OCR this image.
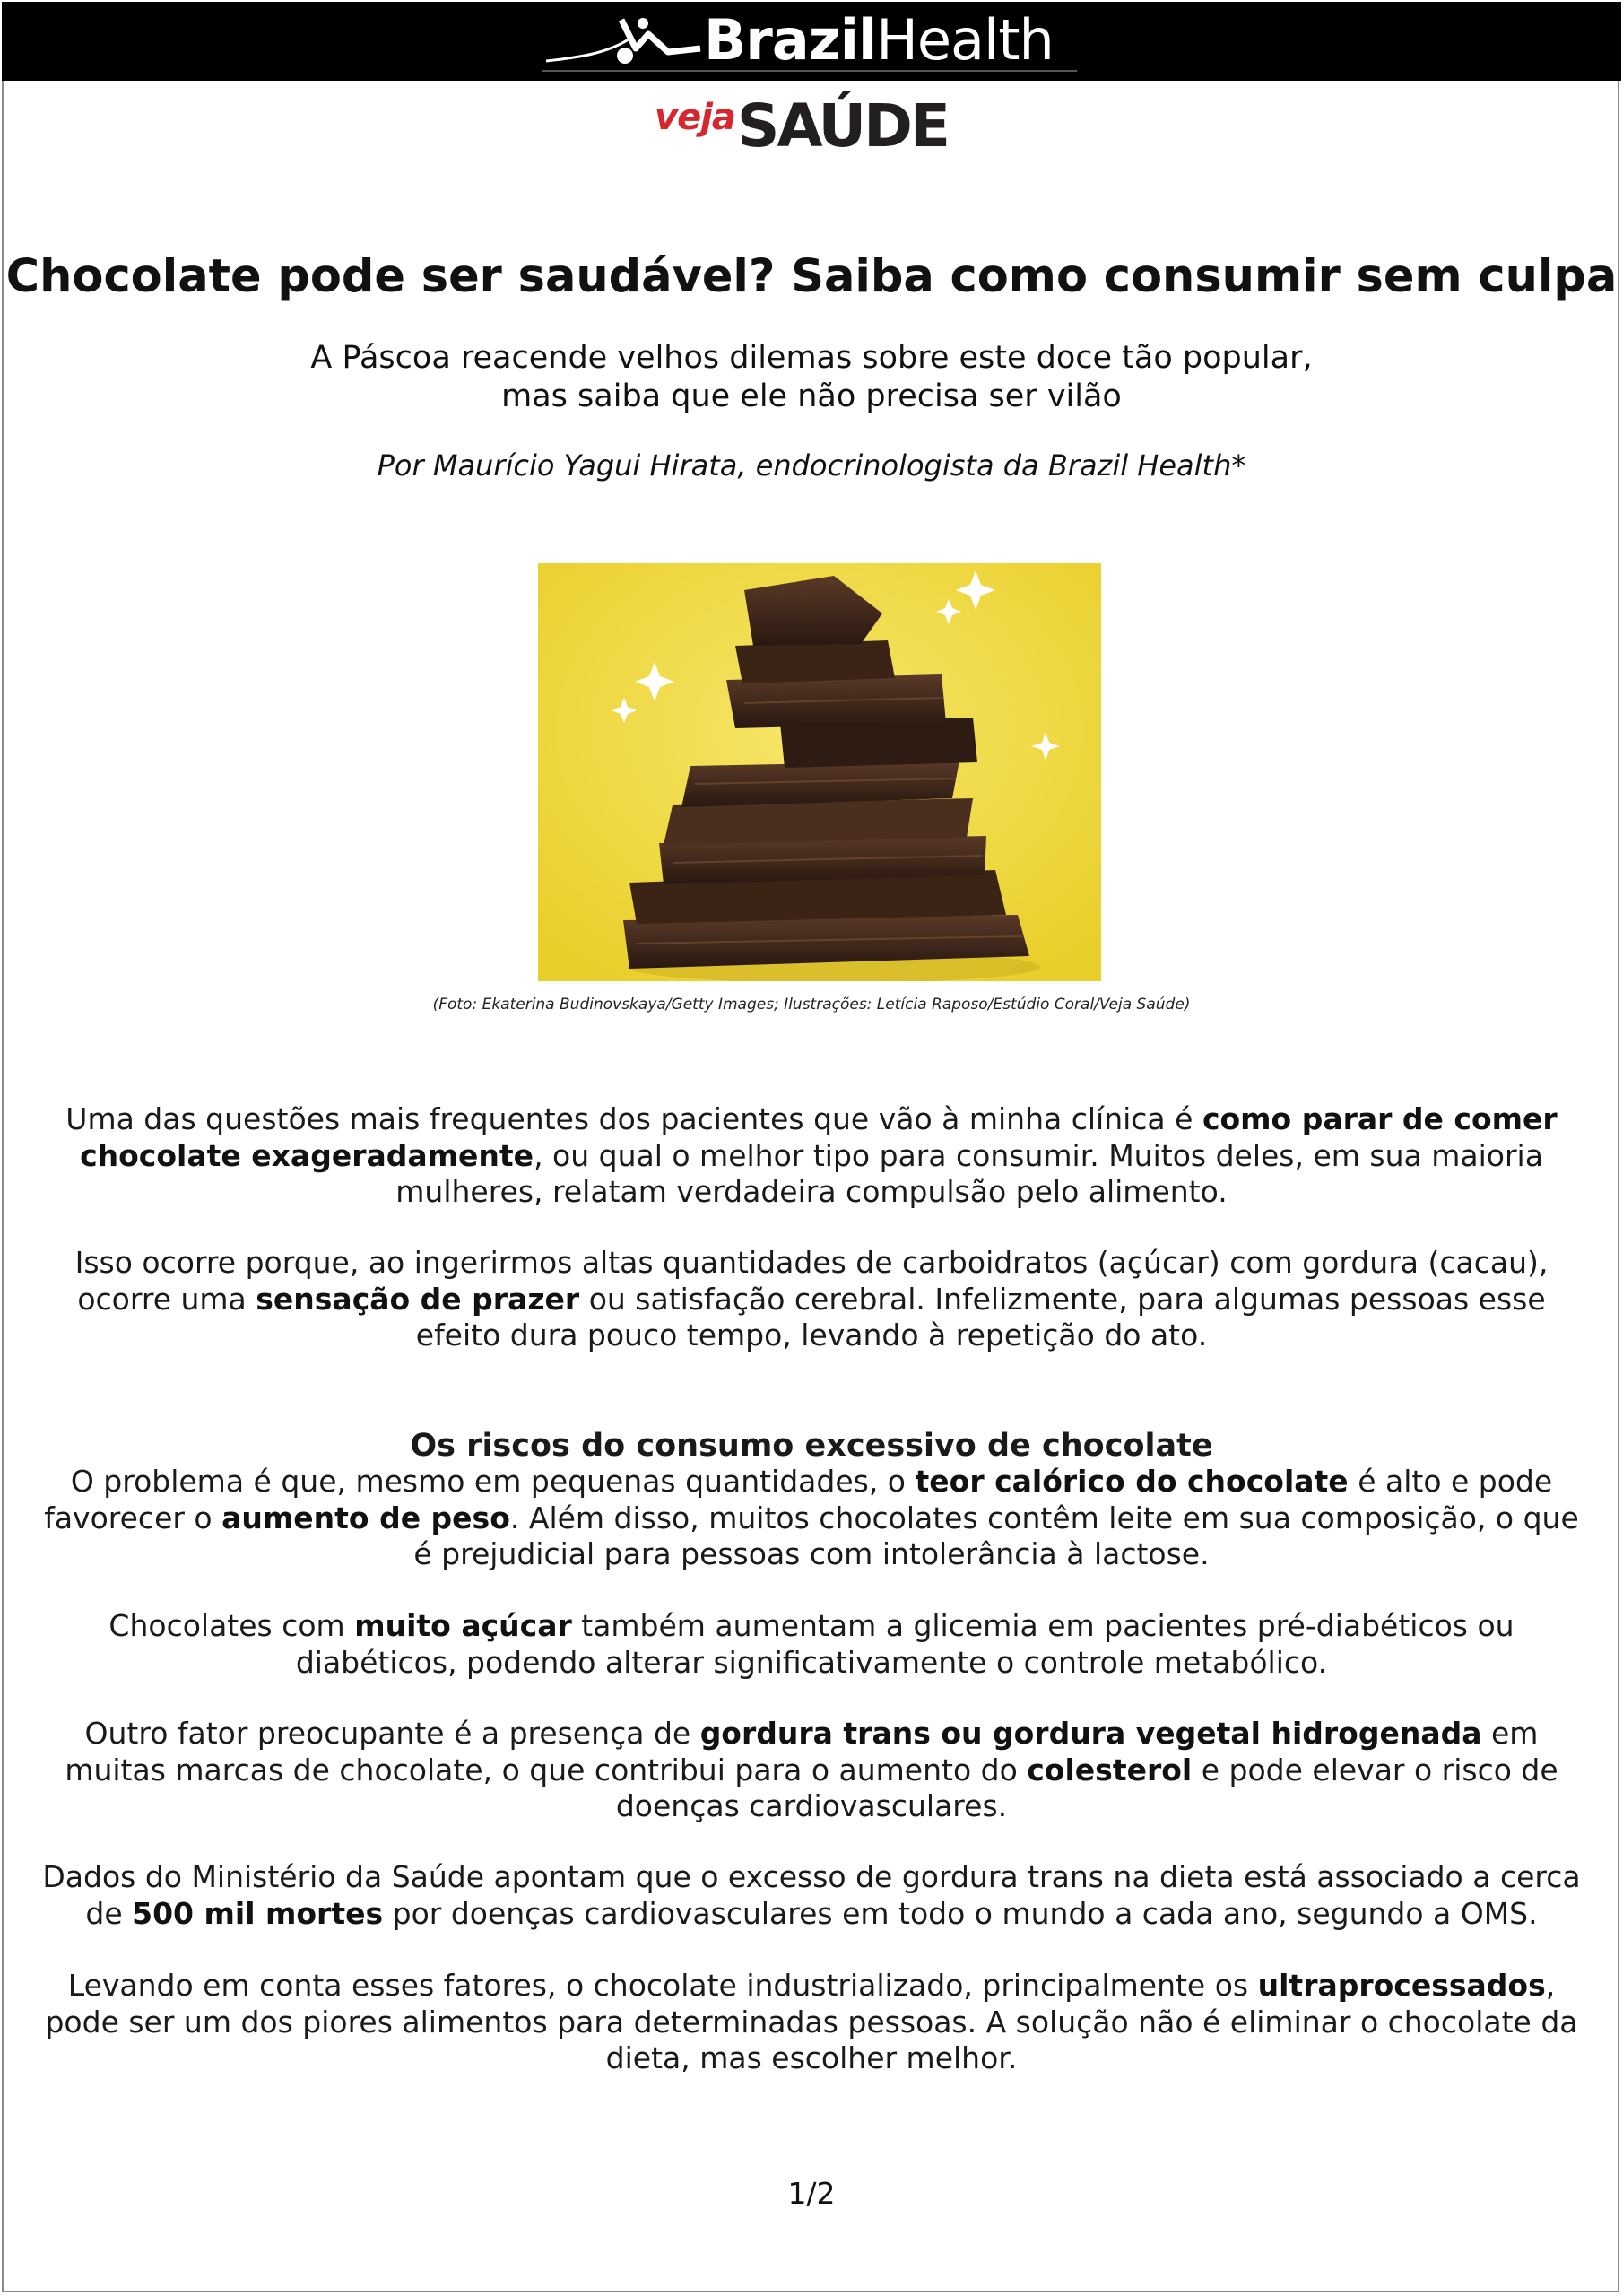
BrazilHealth
veja SAÚDE
Chocolate pode ser saudável? Saiba como consumir sem culpa

A Páscoa reacende velhos dilemas sobre este doce tão popular,
mas saiba que ele não precisa ser vilão

Por Maurício Yagui Hirata, endocrinologista da Brazil Health*

(Foto: Ekaterina Budinovskaya/Getty Images; Ilustrações: Letícia Raposo/Estúdio Coral/Veja Saúde)

Uma das questões mais frequentes dos pacientes que vão à minha clínica é como parar de comer chocolate exageradamente, ou qual o melhor tipo para consumir. Muitos deles, em sua maioria mulheres, relatam verdadeira compulsão pelo alimento.

Isso ocorre porque, ao ingerirmos altas quantidades de carboidratos (açúcar) com gordura (cacau), ocorre uma sensação de prazer ou satisfação cerebral. Infelizmente, para algumas pessoas esse efeito dura pouco tempo, levando à repetição do ato.

Os riscos do consumo excessivo de chocolate

O problema é que, mesmo em pequenas quantidades, o teor calórico do chocolate é alto e pode favorecer o aumento de peso. Além disso, muitos chocolates contêm leite em sua composição, o que é prejudicial para pessoas com intolerância à lactose.

Chocolates com muito açúcar também aumentam a glicemia em pacientes pré-diabéticos ou diabéticos, podendo alterar significativamente o controle metabólico.

Outro fator preocupante é a presença de gordura trans ou gordura vegetal hidrogenada em muitas marcas de chocolate, o que contribui para o aumento do colesterol e pode elevar o risco de doenças cardiovasculares.

Dados do Ministério da Saúde apontam que o excesso de gordura trans na dieta está associado a cerca de 500 mil mortes por doenças cardiovasculares em todo o mundo a cada ano, segundo a OMS.

Levando em conta esses fatores, o chocolate industrializado, principalmente os ultraprocessados, pode ser um dos piores alimentos para determinadas pessoas. A solução não é eliminar o chocolate da dieta, mas escolher melhor.

1/2
